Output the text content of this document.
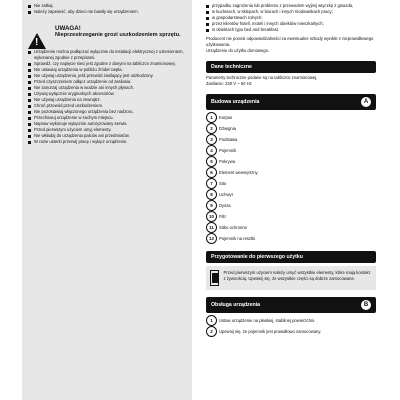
Nie zatkaj.
Należy zapewnić, aby dzieci nie bawiły się urządzeniem.
!
UWAGA!
Nieprzestrzeganie grozi uszkodzeniem sprzętu.
Urządzenie można podłączać wyłącznie do instalacji elektrycznej z uziemieniem, wykonanej zgodnie z przepisami.
Sprawdź, czy napięcie sieci jest zgodne z danymi na tabliczce znamionowej.
Nie ustawiaj urządzenia w pobliżu źródeł ciepła.
Nie używaj urządzenia, jeśli przewód zasilający jest uszkodzony.
Przed czyszczeniem odłącz urządzenie od zasilania.
Nie zanurzaj urządzenia w wodzie ani innych płynach.
Używaj wyłącznie oryginalnych akcesoriów.
Nie używaj urządzenia na zewnątrz.
Chroń przewód przed uszkodzeniem.
Nie pozostawiaj włączonego urządzenia bez nadzoru.
Przechowuj urządzenie w suchym miejscu.
Napraw wykonuje wyłącznie autoryzowany serwis.
Przed pierwszym użyciem umyj elementy.
Nie wkładaj do urządzenia palców ani przedmiotów.
W razie usterki przerwij pracę i wyłącz urządzenie.
przypadku zagrożenia lub problemu z przewodem wyjmij wtyczkę z gniazda,
w kuchniach, w sklepach, w biurach i innych środowiskach pracy;
w gospodarstwach rolnych;
przez klientów hoteli, moteli i innych obiektów mieszkalnych;
w obiektach typu bed and breakfast.
Producent nie ponosi odpowiedzialności za ewentualne szkody wynikłe z nieprawidłowego użytkowania.
Urządzenie do użytku domowego.
Dane techniczne
Parametry techniczne podane są na tabliczce znamionowej.
Zasilanie: 230 V ~ 50 Hz
Budowa urządzenia	A
1	Korpus
2	Dźwignia
3	Podstawa
4	Pojemnik
5	Pokrywa
6	Element wewnętrzny
7	Sito
8	Uchwyt
9	Dysza
10	Filtr
11	Sitko ochronne
12	Pojemnik na resztki
Przygotowanie do pierwszego użytku
Przed pierwszym użyciem należy umyć wszystkie elementy, które mają kontakt z żywnością. Upewnij się, że wszystkie części są dobrze zamocowane.
Obsługa urządzenia	B
1	Ustaw urządzenie na płaskiej, stabilnej powierzchni.
2	Upewnij się, że pojemnik jest prawidłowo zamocowany.
